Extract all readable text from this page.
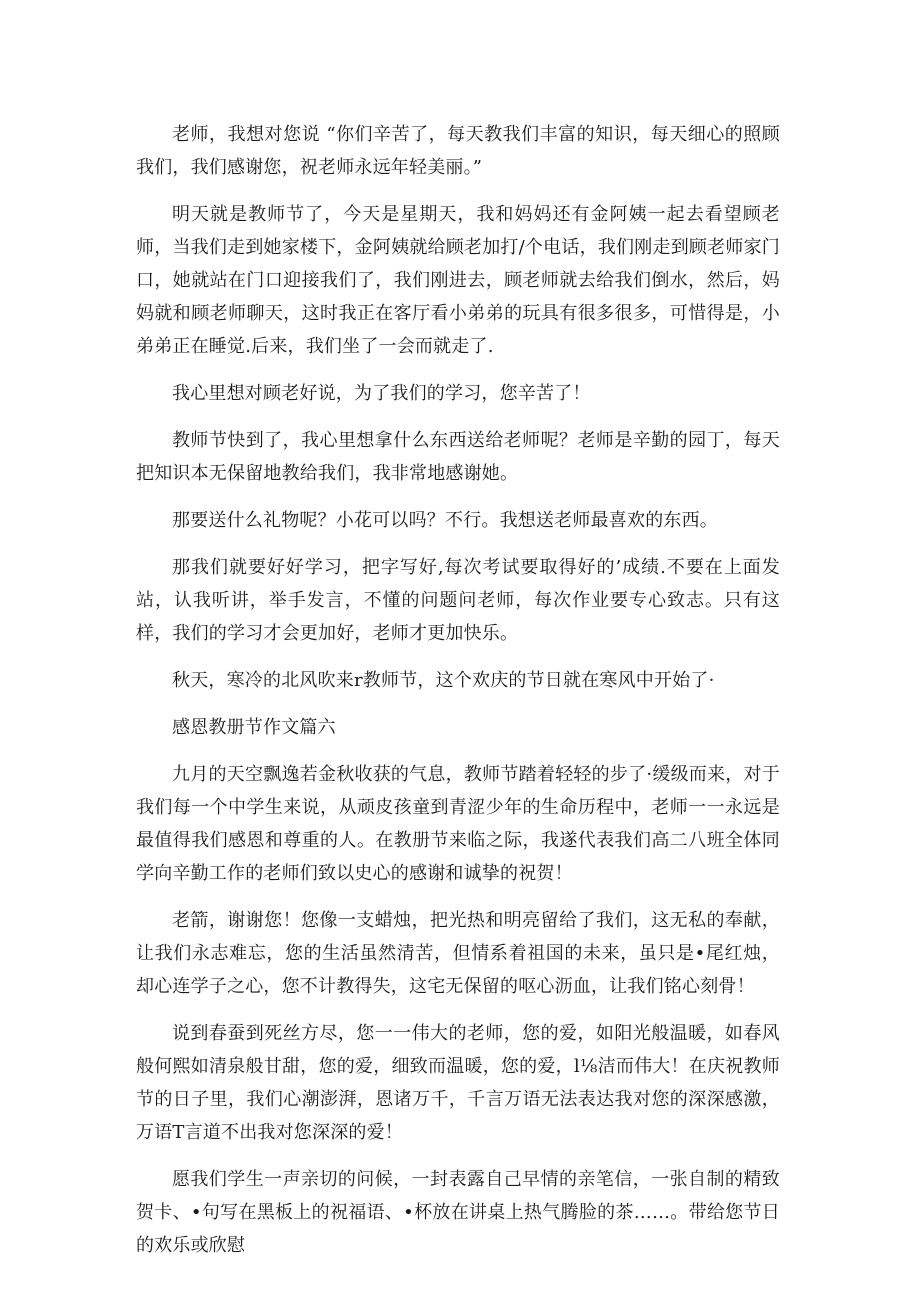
老师，我想对您说 “你们辛苦了，每天教我们丰富的知识，每天细心的照顾我们，我们感谢您，祝老师永远年轻美丽。”

明天就是教师节了，今天是星期天，我和妈妈还有金阿姨一起去看望顾老师，当我们走到她家楼下，金阿姨就给顾老加打/个电话，我们刚走到顾老师家门口，她就站在门口迎接我们了，我们刚进去，顾老师就去给我们倒水，然后，妈妈就和顾老师聊天，这时我正在客厅看小弟弟的玩具有很多很多，可惜得是，小弟弟正在睡觉.后来，我们坐了一会而就走了.

我心里想对顾老好说，为了我们的学习，您辛苦了！

教师节快到了，我心里想拿什么东西送给老师呢？老师是辛勤的园丁，每天把知识本无保留地教给我们，我非常地感谢她。

那要送什么礼物呢？小花可以吗？不行。我想送老师最喜欢的东西。

那我们就要好好学习，把字写好,每次考试要取得好的’成绩.不要在上面发站，认我听讲，举手发言，不懂的问题问老师，每次作业要专心致志。只有这样，我们的学习才会更加好，老师才更加快乐。

秋天，寒冷的北风吹来r教师节，这个欢庆的节日就在寒风中开始了·

感恩教册节作文篇六

九月的天空飘逸若金秋收获的气息，教师节踏着轻轻的步了·缓级而来，对于我们每一个中学生来说，从顽皮孩童到青涩少年的生命历程中，老师一一永远是最值得我们感恩和尊重的人。在教册节来临之际，我遂代表我们高二八班全体同学向辛勤工作的老师们致以史心的感谢和诚挚的祝贺！

老箭，谢谢您！您像一支蜡烛，把光热和明亮留给了我们，这无私的奉献，让我们永志难忘，您的生活虽然清苦，但情系着祖国的未来，虽只是•尾红烛，却心连学子之心，您不计教得失，这宅无保留的呕心沥血，让我们铭心刻骨！

说到春蚕到死丝方尽，您一一伟大的老师，您的爱，如阳光般温暖，如春风般何熙如清泉般甘甜，您的爱，细致而温暖，您的爱，l⅛洁而伟大！在庆祝教师节的日子里，我们心潮澎湃，恩诸万千，千言万语无法表达我对您的深深感激，万语T言道不出我对您深深的爱！

愿我们学生一声亲切的问候，一封表露自己早情的亲笔信，一张自制的精致贺卡、•句写在黑板上的祝福语、•杯放在讲桌上热气腾脸的茶……。带给您节日的欢乐或欣慰
